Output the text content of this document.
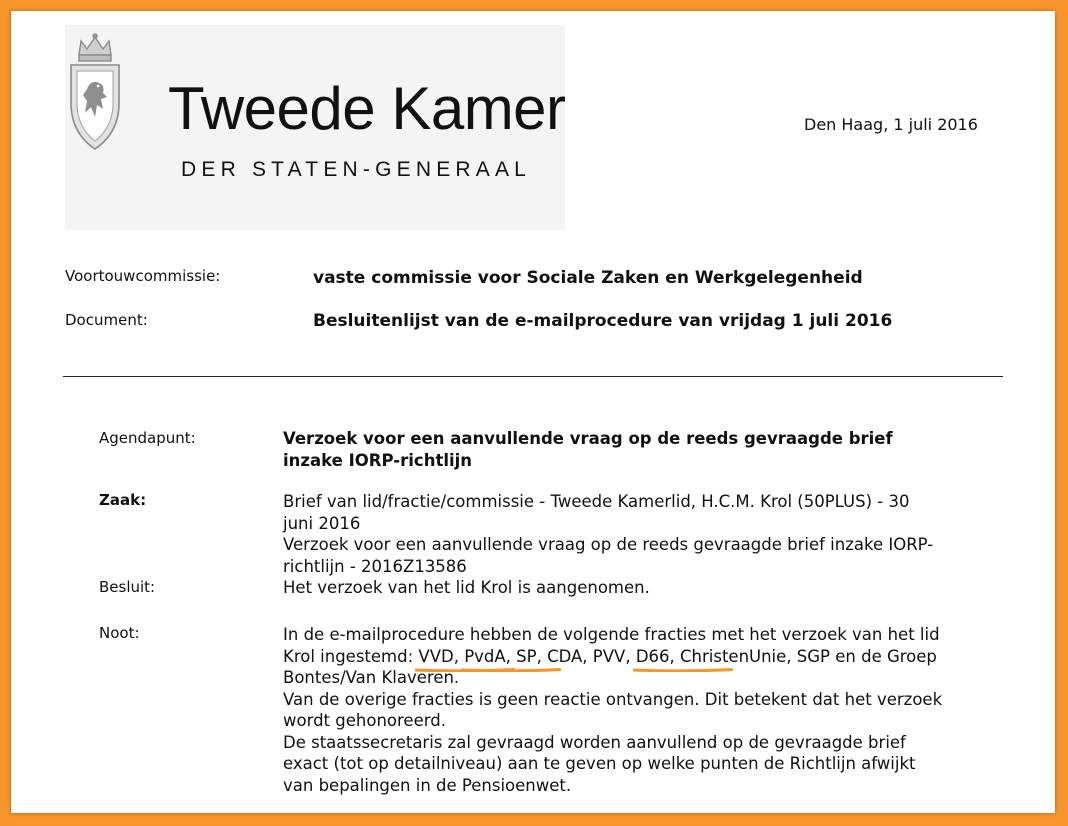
Tweede Kamer
DER STATEN-GENERAAL
Den Haag, 1 juli 2016
Voortouwcommissie:	vaste commissie voor Sociale Zaken en Werkgelegenheid
Document:	Besluitenlijst van de e-mailprocedure van vrijdag 1 juli 2016
Agendapunt:	Verzoek voor een aanvullende vraag op de reeds gevraagde brief

inzake IORP-richtlijn

Zaak:	Brief van lid/fractie/commissie - Tweede Kamerlid, H.C.M. Krol (50PLUS) - 30

juni 2016

Verzoek voor een aanvullende vraag op de reeds gevraagde brief inzake IORP-

richtlijn - 2016Z13586

Besluit:	Het verzoek van het lid Krol is aangenomen.

Noot:	In de e-mailprocedure hebben de volgende fracties met het verzoek van het lid

Krol ingestemd: VVD
, PvdA
, SP, CDA, PVV, D66
, ChristenUnie, SGP en de Groep

Bontes/Van Klaveren.

Van de overige fracties is geen reactie ontvangen. Dit betekent dat het verzoek

wordt gehonoreerd.

De staatssecretaris zal gevraagd worden aanvullend op de gevraagde brief

exact (tot op detailniveau) aan te geven op welke punten de Richtlijn afwijkt

van bepalingen in de Pensioenwet.
